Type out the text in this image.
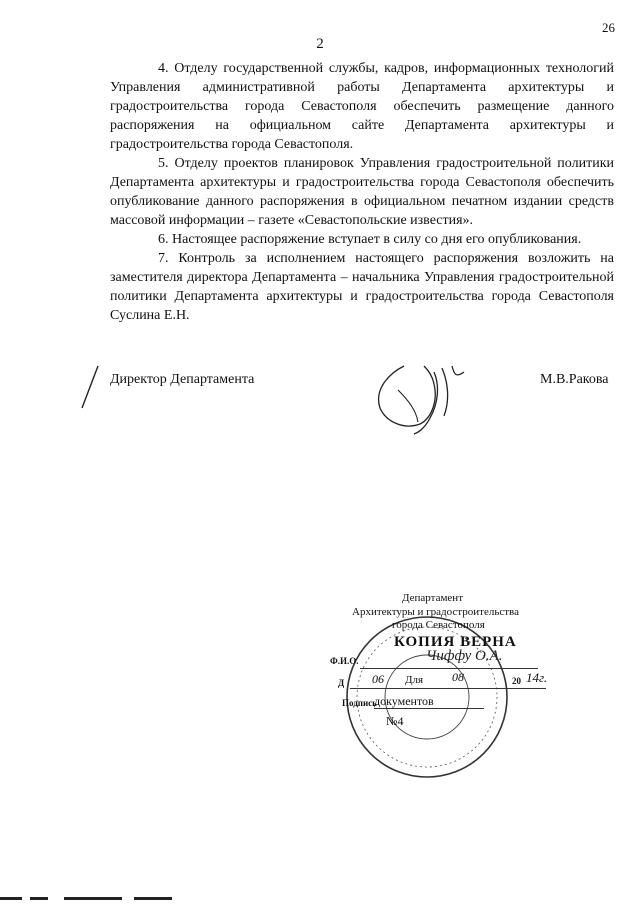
26
2

4. Отделу государственной службы, кадров, информационных технологий Управления административной работы Департамента архитектуры и градостроительства города Севастополя обеспечить размещение данного распоряжения на официальном сайте Департамента архитектуры и градостроительства города Севастополя.

5. Отделу проектов планировок Управления градостроительной политики Департамента архитектуры и градостроительства города Севастополя обеспечить опубликование данного распоряжения в официальном печатном издании средств массовой информации – газете «Севастопольские известия».

6. Настоящее распоряжение вступает в силу со дня его опубликования.

7. Контроль за исполнением настоящего распоряжения возложить на заместителя директора Департамента – начальника Управления градостроительной политики Департамента архитектуры и градостроительства города Севастополя Суслина Е.Н.

Директор Департамента	М.В.Ракова
Департамент
Архитектуры и градостроительства
города Севастополя
КОПИЯ ВЕРНА
Ф.И.О.	Чиффу О.А.
Д 06 Для 08	20 14г.
Подпись
документов
№4
